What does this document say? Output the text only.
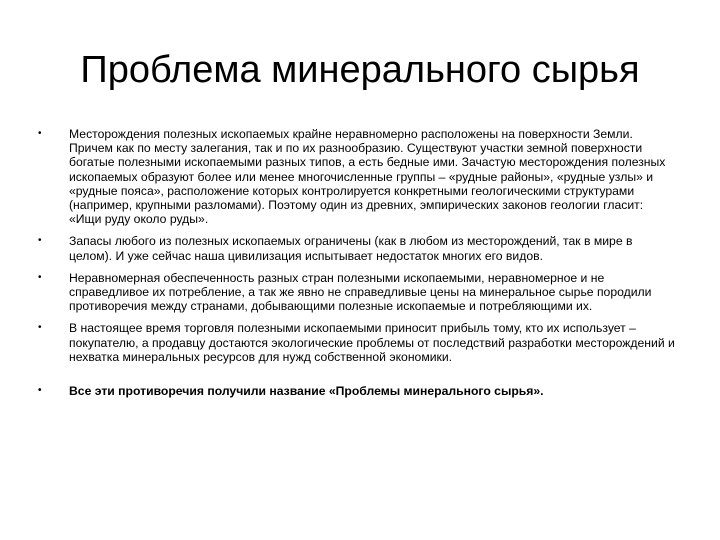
Проблема минерального сырья
• Месторождения полезных ископаемых крайне неравномерно расположены на поверхности Земли. Причем как по месту залегания, так и по их разнообразию. Существуют участки земной поверхности богатые полезными ископаемыми разных типов, а есть бедные ими. Зачастую месторождения полезных ископаемых образуют более или менее многочисленные группы – «рудные районы», «рудные узлы» и «рудные пояса», расположение которых контролируется конкретными геологическими структурами (например, крупными разломами). Поэтому один из древних, эмпирических законов геологии гласит: «Ищи руду около руды».
• Запасы любого из полезных ископаемых ограничены (как в любом из месторождений, так в мире в целом). И уже сейчас наша цивилизация испытывает недостаток многих его видов.
• Неравномерная обеспеченность разных стран полезными ископаемыми, неравномерное и не справедливое их потребление, а так же явно не справедливые цены на минеральное сырье породили противоречия между странами, добывающими полезные ископаемые и потребляющими их.
• В настоящее время торговля полезными ископаемыми приносит прибыль тому, кто их использует – покупателю, а продавцу достаются экологические проблемы от последствий разработки месторождений и нехватка минеральных ресурсов для нужд собственной экономики.
• Все эти противоречия получили название «Проблемы минерального сырья».
